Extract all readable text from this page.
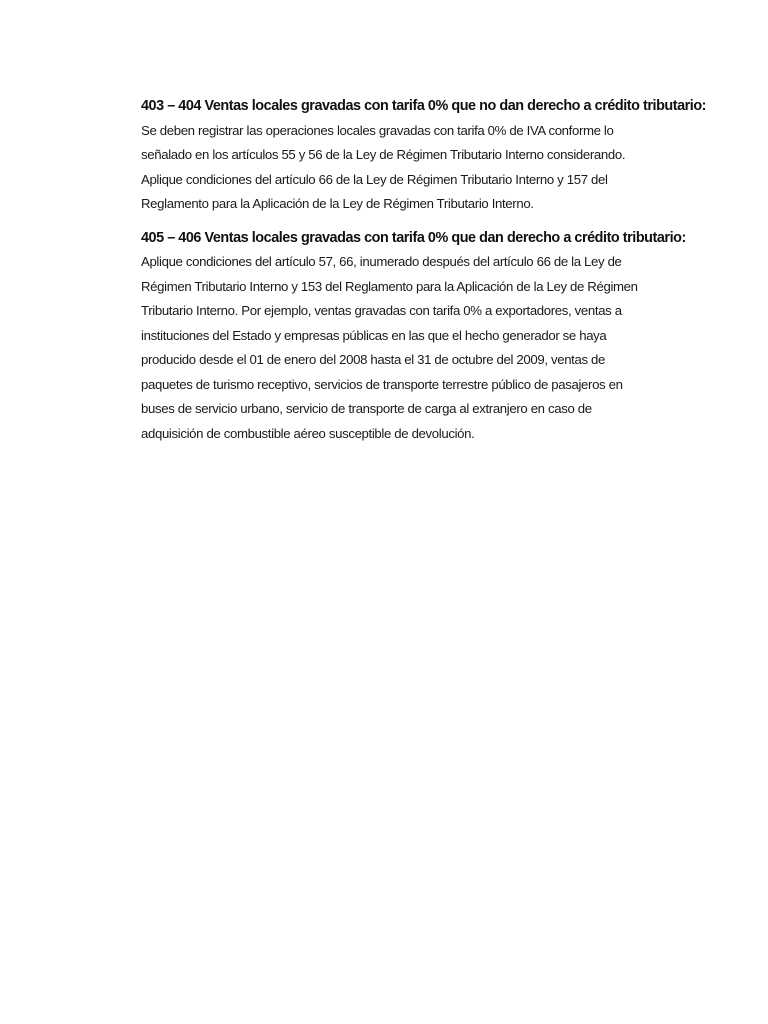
403 – 404 Ventas locales gravadas con tarifa 0% que no dan derecho a crédito tributario:

Se deben registrar las operaciones locales gravadas con tarifa 0% de IVA conforme lo
señalado en los artículos 55 y 56 de la Ley de Régimen Tributario Interno considerando.
Aplique condiciones del artículo 66 de la Ley de Régimen Tributario Interno y 157 del
Reglamento para la Aplicación de la Ley de Régimen Tributario Interno.

405 – 406 Ventas locales gravadas con tarifa 0% que dan derecho a crédito tributario:

Aplique condiciones del artículo 57, 66, inumerado después del artículo 66 de la Ley de
Régimen Tributario Interno y 153 del Reglamento para la Aplicación de la Ley de Régimen
Tributario Interno. Por ejemplo, ventas gravadas con tarifa 0% a exportadores, ventas a
instituciones del Estado y empresas públicas en las que el hecho generador se haya
producido desde el 01 de enero del 2008 hasta el 31 de octubre del 2009, ventas de
paquetes de turismo receptivo, servicios de transporte terrestre público de pasajeros en
buses de servicio urbano, servicio de transporte de carga al extranjero en caso de
adquisición de combustible aéreo susceptible de devolución.
